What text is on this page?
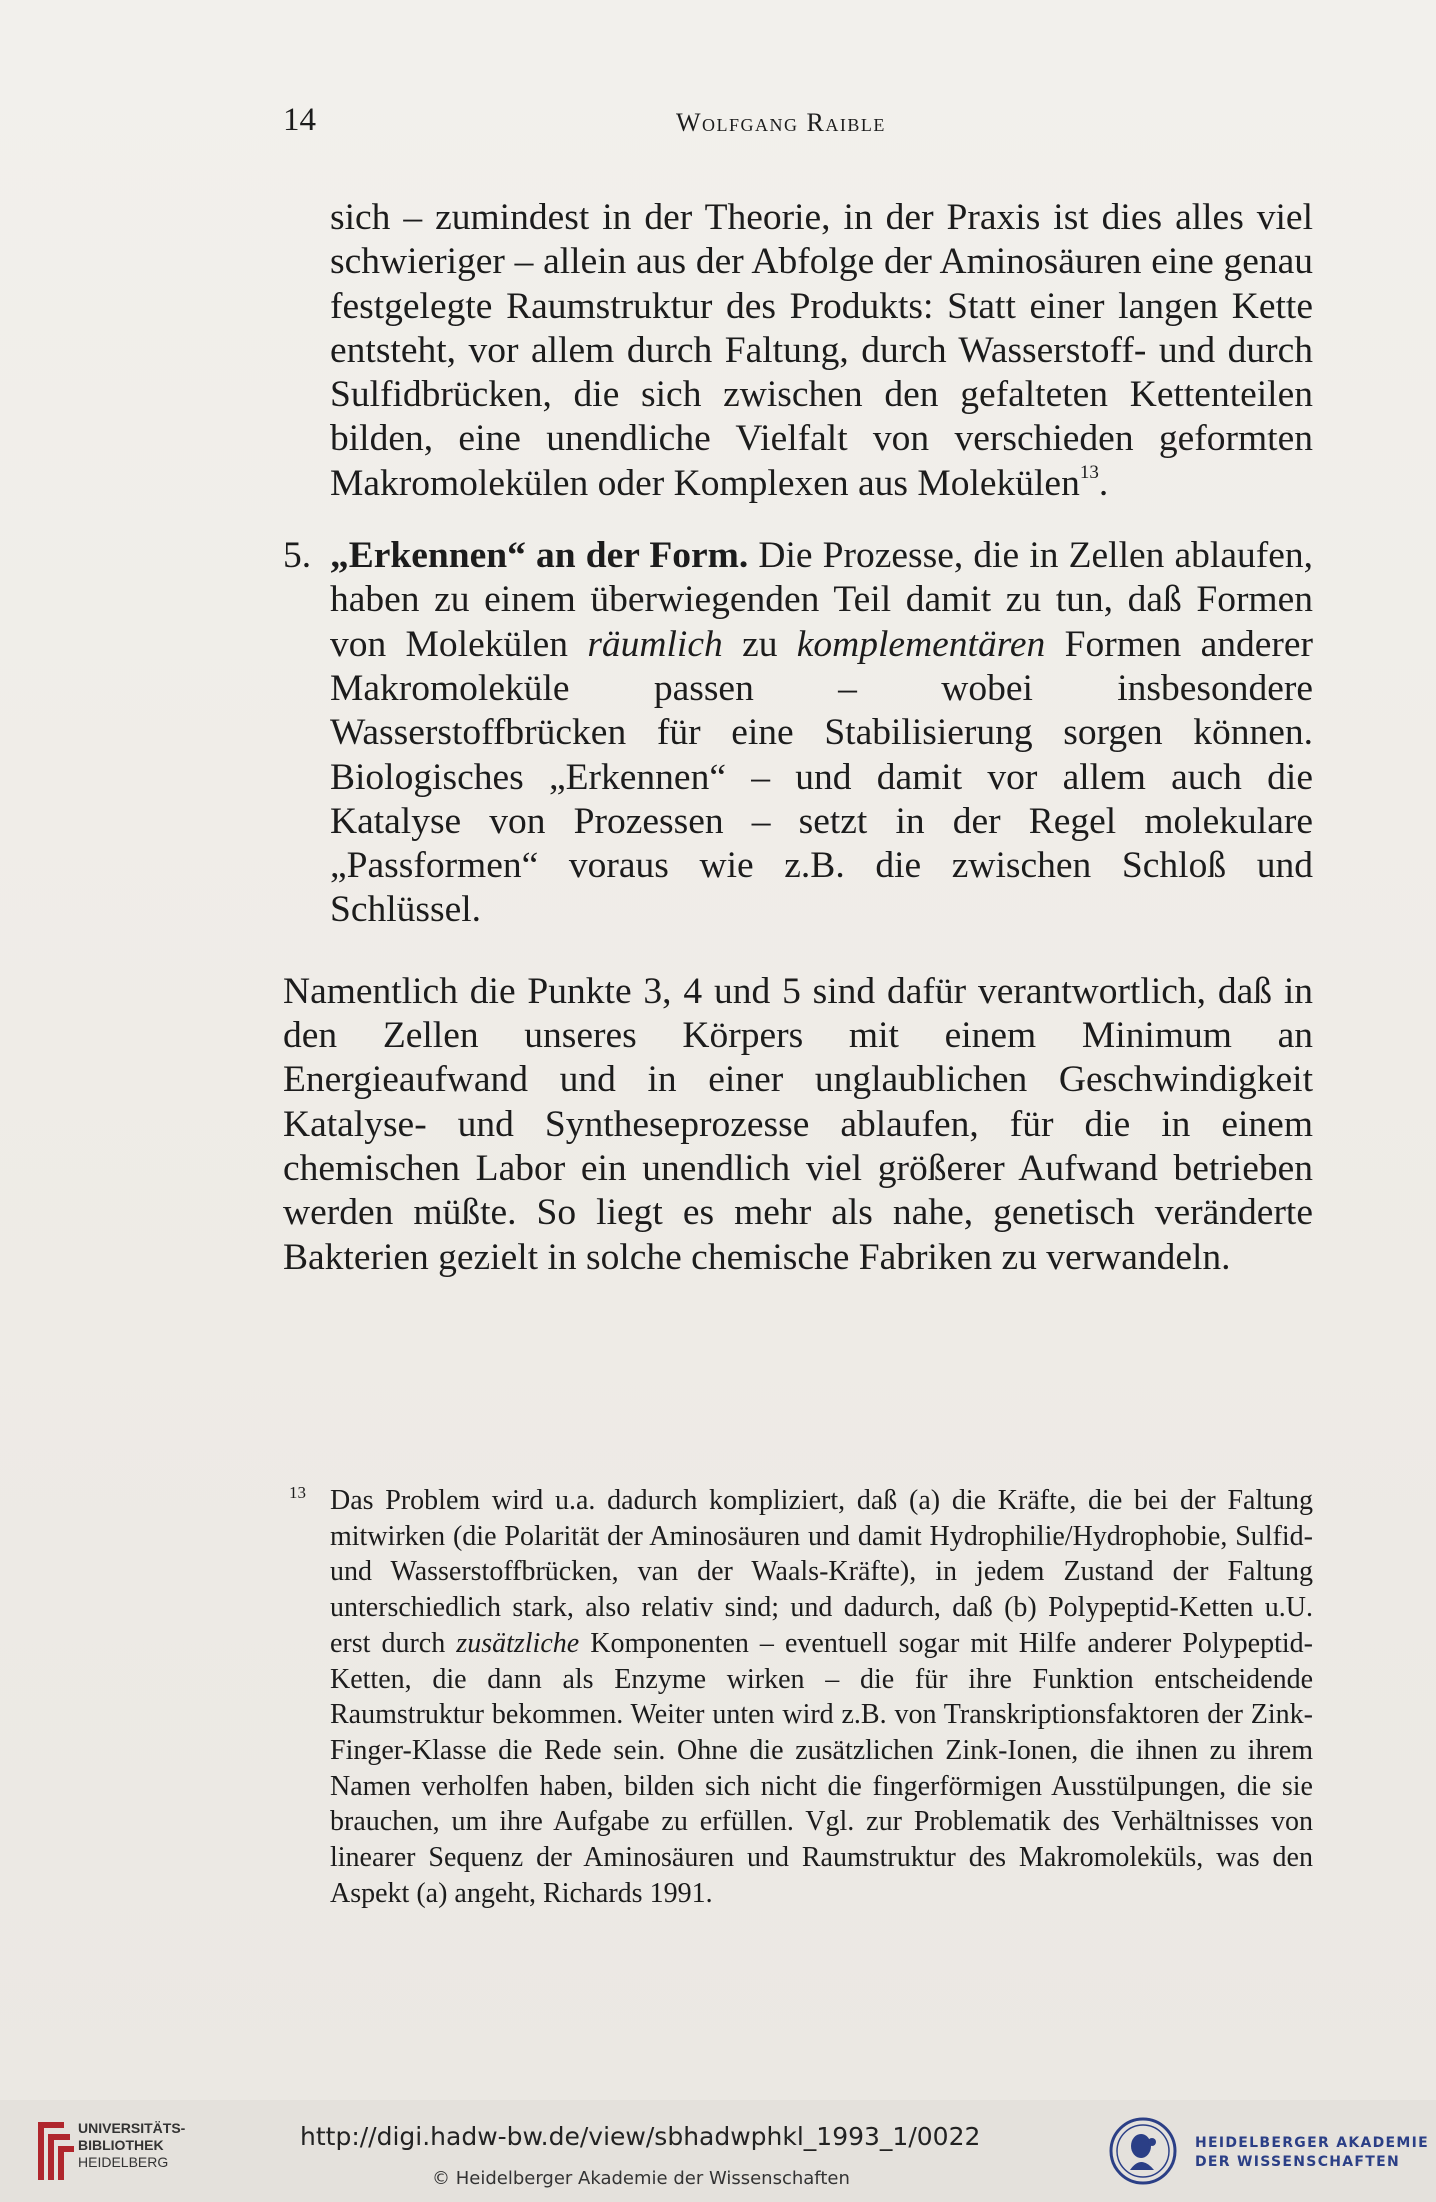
14	Wolfgang Raible

sich – zumindest in der Theorie, in der Praxis ist dies alles viel schwieriger – allein aus der Abfolge der Aminosäuren eine genau festgelegte Raumstruktur des Produkts: Statt einer langen Kette entsteht, vor allem durch Faltung, durch Wasserstoff- und durch Sulfidbrücken, die sich zwischen den gefalteten Kettenteilen bilden, eine unendliche Vielfalt von verschieden geformten Makromolekülen oder Komplexen aus Molekülen$^{13}$.

5. „Erkennen“ an der Form. Die Prozesse, die in Zellen ablaufen, haben zu einem überwiegenden Teil damit zu tun, daß Formen von Molekülen räumlich zu komplementären Formen anderer Makromoleküle passen – wobei insbesondere Wasserstoffbrücken für eine Stabilisierung sorgen können. Biologisches „Erkennen“ – und damit vor allem auch die Katalyse von Prozessen – setzt in der Regel molekulare „Passformen“ voraus wie z.B. die zwischen Schloß und Schlüssel.

Namentlich die Punkte 3, 4 und 5 sind dafür verantwortlich, daß in den Zellen unseres Körpers mit einem Minimum an Energieaufwand und in einer unglaublichen Geschwindigkeit Katalyse- und Syntheseprozesse ablaufen, für die in einem chemischen Labor ein unendlich viel größerer Aufwand betrieben werden müßte. So liegt es mehr als nahe, genetisch veränderte Bakterien gezielt in solche chemische Fabriken zu verwandeln.

13 Das Problem wird u.a. dadurch kompliziert, daß (a) die Kräfte, die bei der Faltung mitwirken (die Polarität der Aminosäuren und damit Hydrophilie/Hydrophobie, Sulfid- und Wasserstoffbrücken, van der Waals-Kräfte), in jedem Zustand der Faltung unterschiedlich stark, also relativ sind; und dadurch, daß (b) Polypeptid-Ketten u.U. erst durch zusätzliche Komponenten – eventuell sogar mit Hilfe anderer Polypeptid-Ketten, die dann als Enzyme wirken – die für ihre Funktion entscheidende Raumstruktur bekommen. Weiter unten wird z.B. von Transkriptionsfaktoren der Zink-Finger-Klasse die Rede sein. Ohne die zusätzlichen Zink-Ionen, die ihnen zu ihrem Namen verholfen haben, bilden sich nicht die fingerförmigen Ausstülpungen, die sie brauchen, um ihre Aufgabe zu erfüllen. Vgl. zur Problematik des Verhältnisses von linearer Sequenz der Aminosäuren und Raumstruktur des Makromoleküls, was den Aspekt (a) angeht, Richards 1991.
UNIVERSITÄTS-
BIBLIOTHEK
HEIDELBERG
http://digi.hadw-bw.de/view/sbhadwphkl_1993_1/0022
© Heidelberger Akademie der Wissenschaften
HEIDELBERGER AKADEMIE
DER WISSENSCHAFTEN
